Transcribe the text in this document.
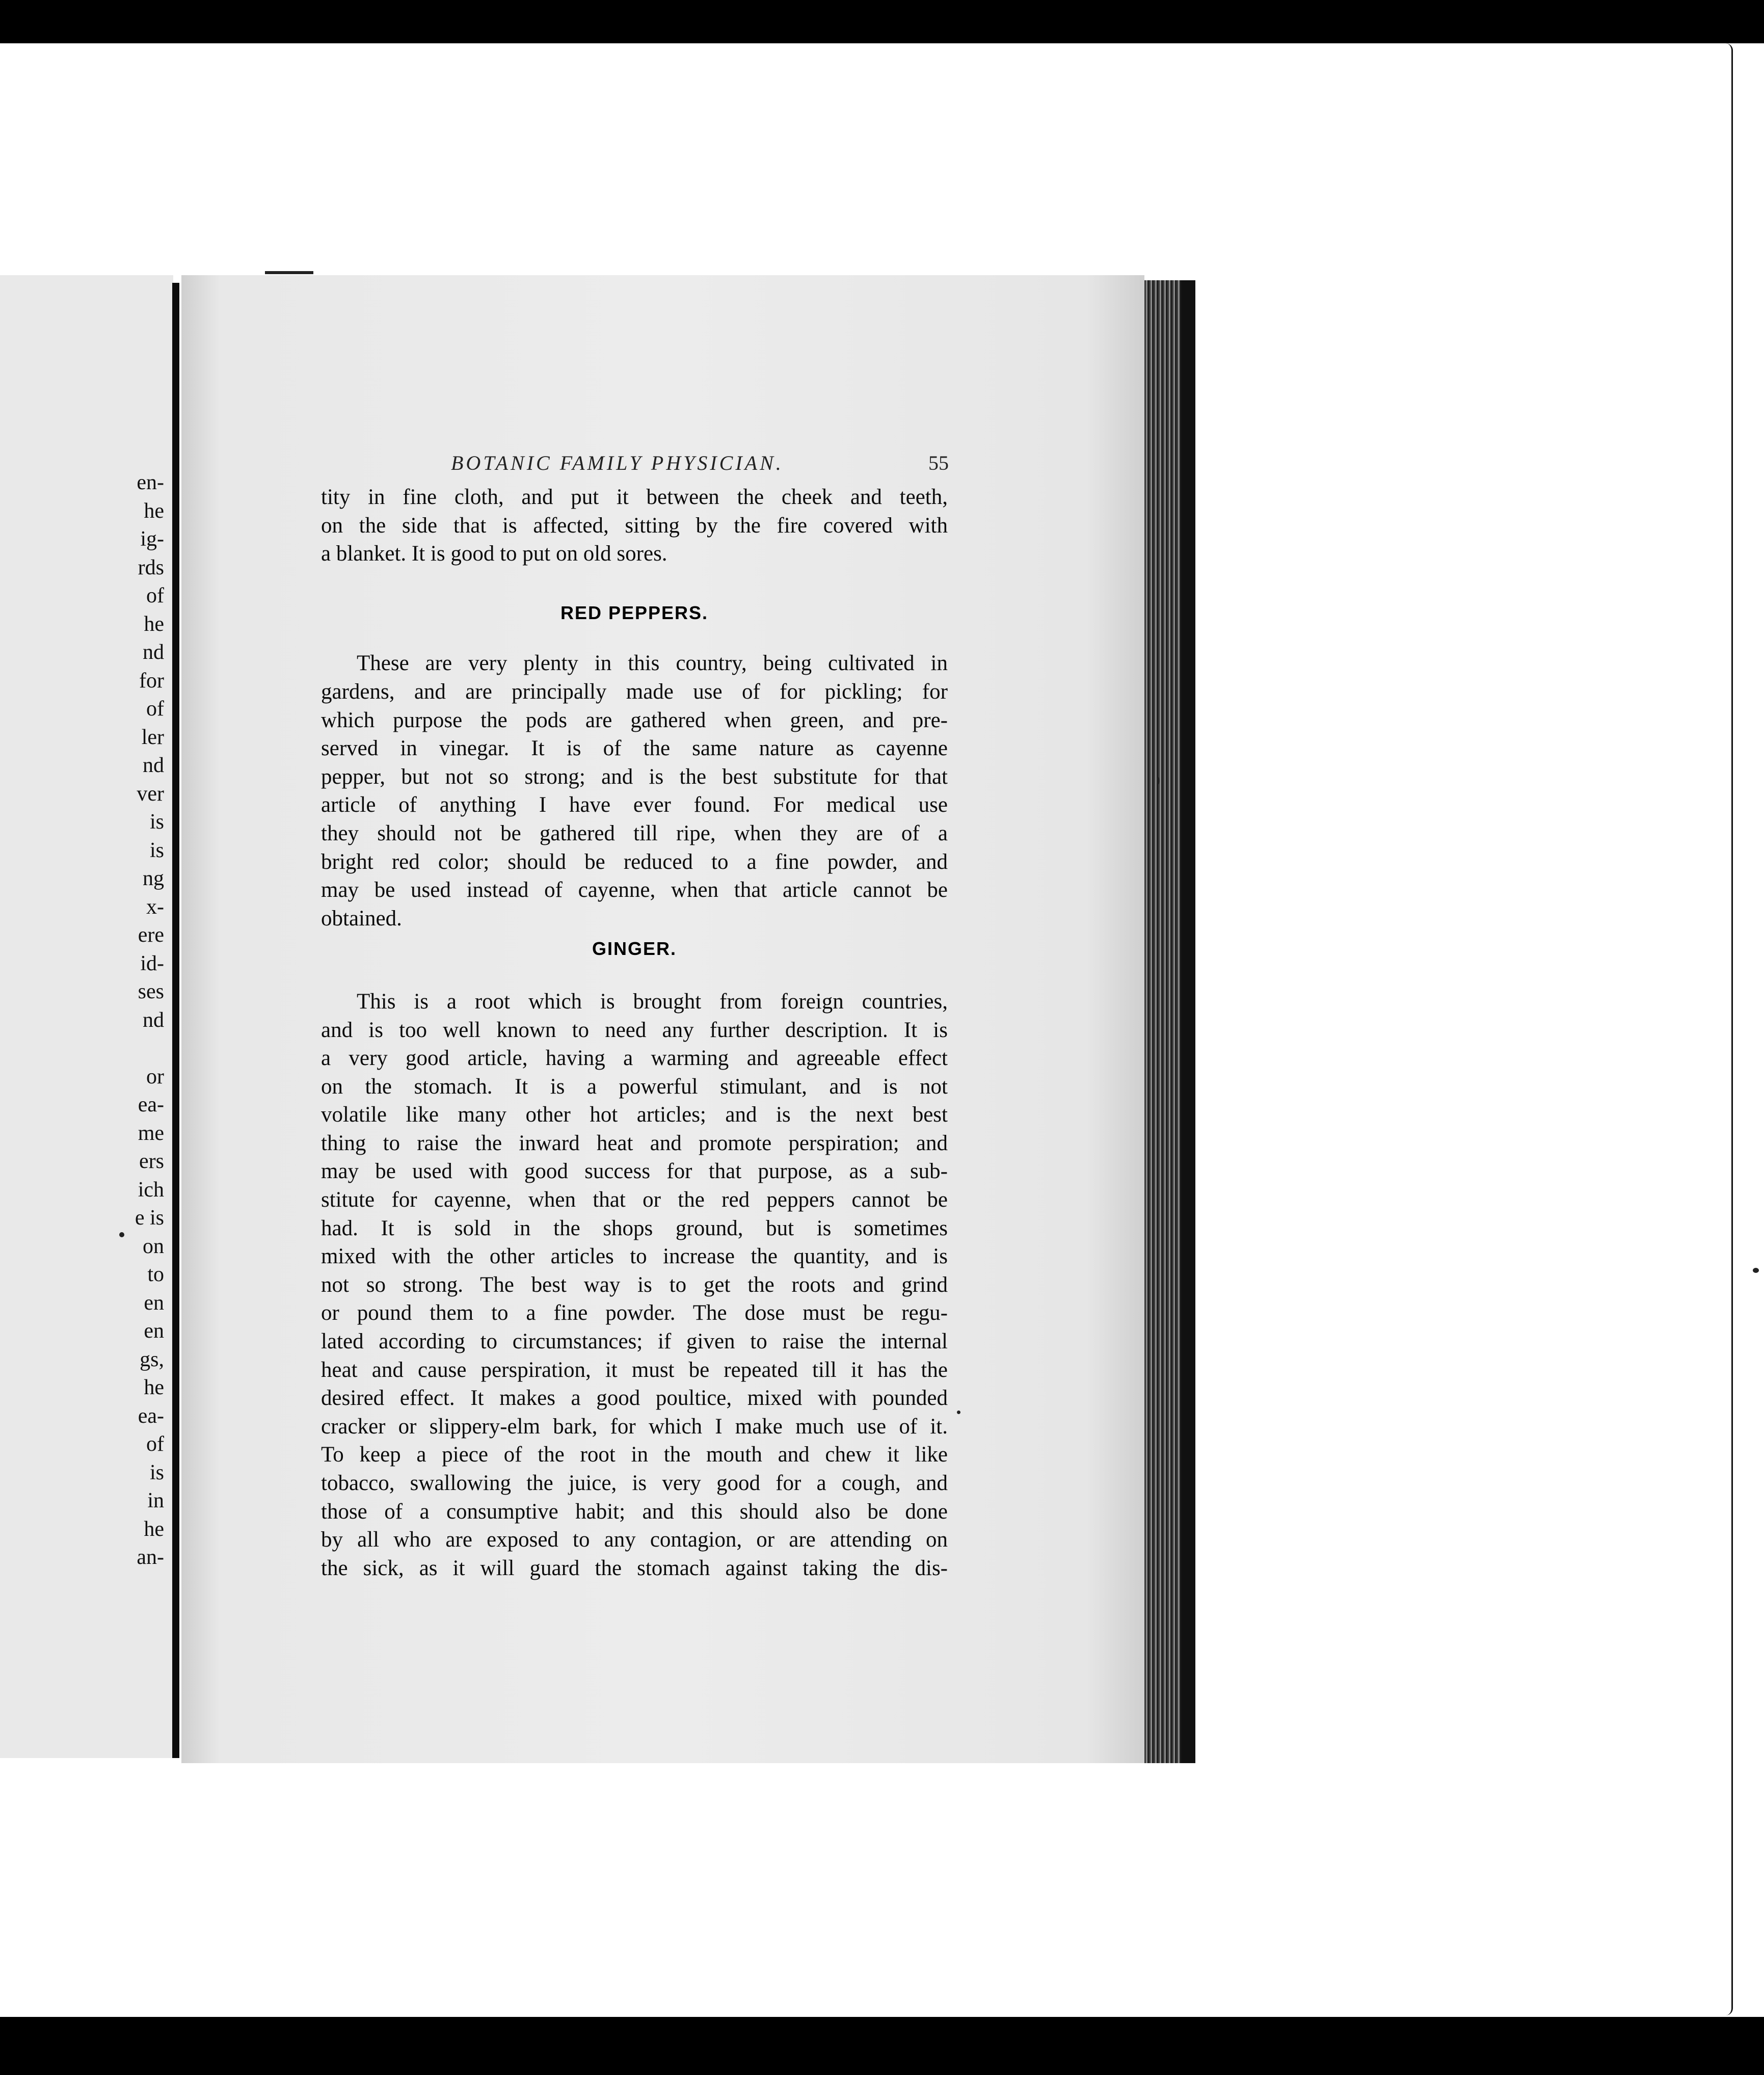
en-
he
ig-
rds
of
he
nd
for
of
ler
nd
ver
is
is
ng
x-
ere
id-
ses
nd

or
ea-
me
ers
ich
e is
on
to
en
en
gs,
he
ea-
of
is
in
he
an-
BOTANIC FAMILY PHYSICIAN.	55
tity in fine cloth, and put it between the cheek and teeth,
on the side that is affected, sitting by the fire covered with
a blanket. It is good to put on old sores.
RED PEPPERS.
These are very plenty in this country, being cultivated in
gardens, and are principally made use of for pickling; for
which purpose the pods are gathered when green, and pre-
served in vinegar. It is of the same nature as cayenne
pepper, but not so strong; and is the best substitute for that
article of anything I have ever found. For medical use
they should not be gathered till ripe, when they are of a
bright red color; should be reduced to a fine powder, and
may be used instead of cayenne, when that article cannot be
obtained.
GINGER.
This is a root which is brought from foreign countries,
and is too well known to need any further description. It is
a very good article, having a warming and agreeable effect
on the stomach. It is a powerful stimulant, and is not
volatile like many other hot articles; and is the next best
thing to raise the inward heat and promote perspiration; and
may be used with good success for that purpose, as a sub-
stitute for cayenne, when that or the red peppers cannot be
had. It is sold in the shops ground, but is sometimes
mixed with the other articles to increase the quantity, and is
not so strong. The best way is to get the roots and grind
or pound them to a fine powder. The dose must be regu-
lated according to circumstances; if given to raise the internal
heat and cause perspiration, it must be repeated till it has the
desired effect. It makes a good poultice, mixed with pounded
cracker or slippery-elm bark, for which I make much use of it.
To keep a piece of the root in the mouth and chew it like
tobacco, swallowing the juice, is very good for a cough, and
those of a consumptive habit; and this should also be done
by all who are exposed to any contagion, or are attending on
the sick, as it will guard the stomach against taking the dis-
